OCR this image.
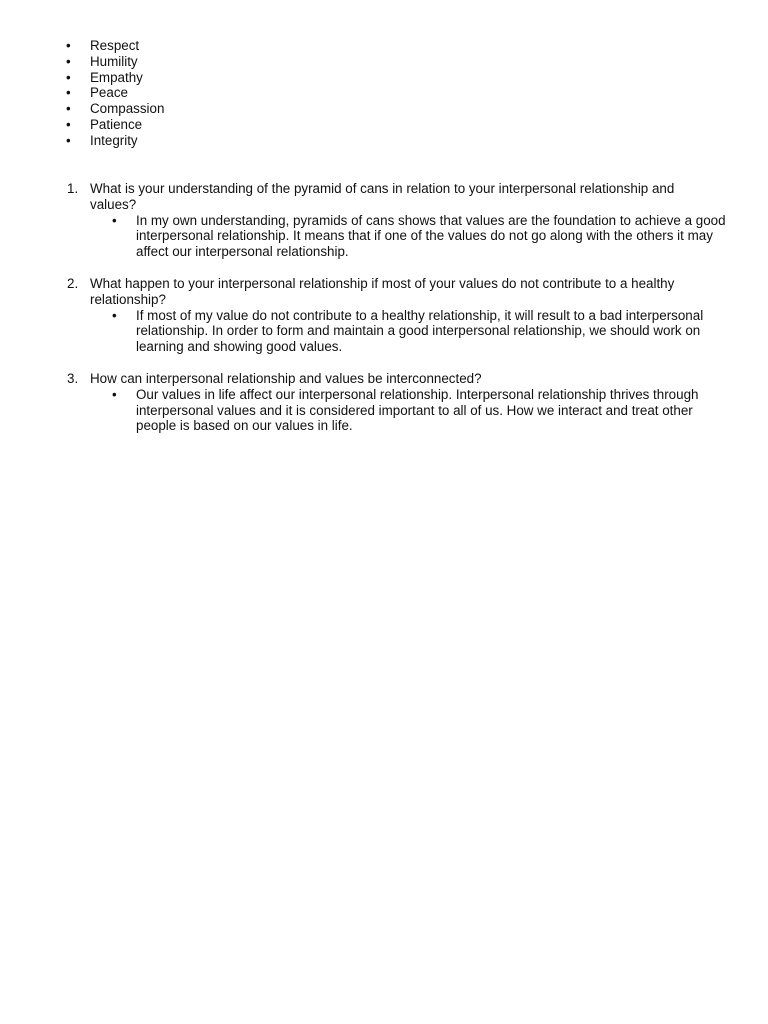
• Respect
• Humility
• Empathy
• Peace
• Compassion
• Patience
• Integrity
1. What is your understanding of the pyramid of cans in relation to your interpersonal relationship and values?
• In my own understanding, pyramids of cans shows that values are the foundation to achieve a good interpersonal relationship. It means that if one of the values do not go along with the others it may affect our interpersonal relationship.
2. What happen to your interpersonal relationship if most of your values do not contribute to a healthy relationship?
• If most of my value do not contribute to a healthy relationship, it will result to a bad interpersonal relationship. In order to form and maintain a good interpersonal relationship, we should work on learning and showing good values.
3. How can interpersonal relationship and values be interconnected?
• Our values in life affect our interpersonal relationship. Interpersonal relationship thrives through interpersonal values and it is considered important to all of us. How we interact and treat other people is based on our values in life.
